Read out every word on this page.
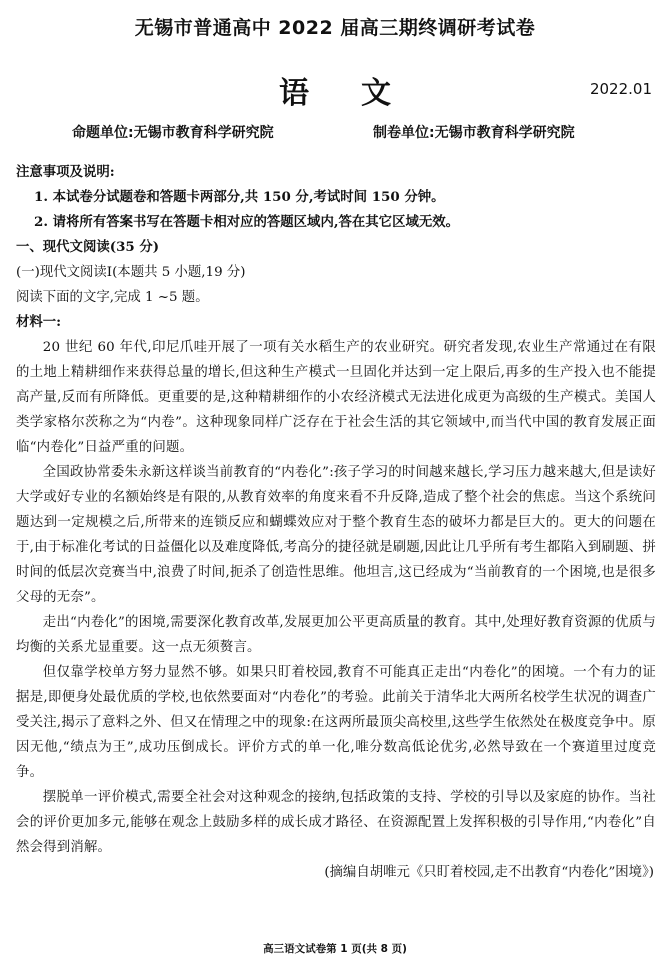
无锡市普通高中 2022 届高三期终调研考试卷
语文	2022.01
命题单位:无锡市教育科学研究院	制卷单位:无锡市教育科学研究院

注意事项及说明:

1. 本试卷分试题卷和答题卡两部分,共 150 分,考试时间 150 分钟。

2. 请将所有答案书写在答题卡相对应的答题区域内,答在其它区域无效。

一、现代文阅读(35 分)

(一)现代文阅读Ⅰ(本题共 5 小题,19 分)

阅读下面的文字,完成 1 ~5 题。

材料一:

20 世纪 60 年代,印尼爪哇开展了一项有关水稻生产的农业研究。研究者发现,农业生产常通过在有限的土地上精耕细作来获得总量的增长,但这种生产模式一旦固化并达到一定上限后,再多的生产投入也不能提高产量,反而有所降低。更重要的是,这种精耕细作的小农经济模式无法进化成更为高级的生产模式。美国人类学家格尔茨称之为“内卷”。这种现象同样广泛存在于社会生活的其它领域中,而当代中国的教育发展正面临“内卷化”日益严重的问题。

全国政协常委朱永新这样谈当前教育的“内卷化”:孩子学习的时间越来越长,学习压力越来越大,但是读好大学或好专业的名额始终是有限的,从教育效率的角度来看不升反降,造成了整个社会的焦虑。当这个系统问题达到一定规模之后,所带来的连锁反应和蝴蝶效应对于整个教育生态的破坏力都是巨大的。更大的问题在于,由于标准化考试的日益僵化以及难度降低,考高分的捷径就是刷题,因此让几乎所有考生都陷入到刷题、拼时间的低层次竞赛当中,浪费了时间,扼杀了创造性思维。他坦言,这已经成为“当前教育的一个困境,也是很多父母的无奈”。

走出“内卷化”的困境,需要深化教育改革,发展更加公平更高质量的教育。其中,处理好教育资源的优质与均衡的关系尤显重要。这一点无须赘言。

但仅靠学校单方努力显然不够。如果只盯着校园,教育不可能真正走出“内卷化”的困境。一个有力的证据是,即便身处最优质的学校,也依然要面对“内卷化”的考验。此前关于清华北大两所名校学生状况的调查广受关注,揭示了意料之外、但又在情理之中的现象:在这两所最顶尖高校里,这些学生依然处在极度竞争中。原因无他,“绩点为王”,成功压倒成长。评价方式的单一化,唯分数高低论优劣,必然导致在一个赛道里过度竞争。

摆脱单一评价模式,需要全社会对这种观念的接纳,包括政策的支持、学校的引导以及家庭的协作。当社会的评价更加多元,能够在观念上鼓励多样的成长成才路径、在资源配置上发挥积极的引导作用,“内卷化”自然会得到消解。

(摘编自胡唯元《只盯着校园,走不出教育“内卷化”困境》)

高三语文试卷第 1 页(共 8 页)
